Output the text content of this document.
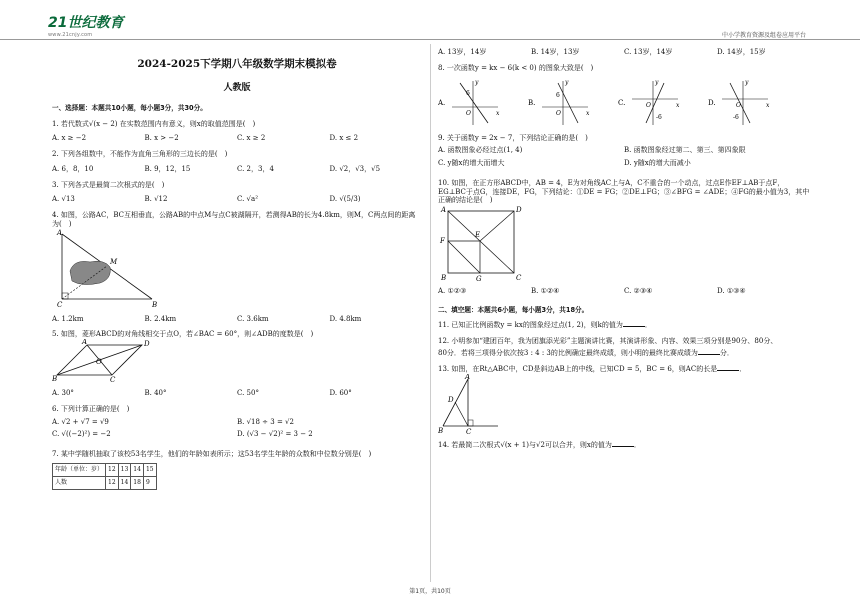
21世纪教育
www.21cnjy.com	中小学教育资源及组卷应用平台
2024-2025下学期八年级数学期末模拟卷
人教版
一、选择题：本题共10小题，每小题3分，共30分。
1. 若代数式√(x − 2) 在实数范围内有意义，则x的取值范围是(　)
A. x ≥ −2	B. x > −2	C. x ≥ 2	D. x ≤ 2
2. 下列各组数中，不能作为直角三角形的三边长的是(　)
A. 6，8，10	B. 9，12，15	C. 2，3，4	D. √2，√3，√5
3. 下列各式是最简二次根式的是(　)
A. √13	B. √12	C. √a²	D. √(5/3)
4. 如图，公路AC，BC互相垂直，公路AB的中点M与点C被湖隔开，若测得AB的长为4.8km，则M，C两点间的距离为(　)
A
M
C	B
A. 1.2km	B. 2.4km	C. 3.6km	D. 4.8km
5. 如图，菱形ABCD的对角线相交于点O，若∠BAC = 60°，则∠ADB的度数是(　)
A	D
B	C
O
A. 30°	B. 40°	C. 50°	D. 60°
6. 下列计算正确的是(　)
A. √2 + √7 = √9	B. √18 ÷ 3 = √2
C. √((−2)²) = −2	D. (√3 − √2)² = 3 − 2
7. 某中学随机抽取了该校53名学生，他们的年龄如表所示；这53名学生年龄的众数和中位数分别是(　)
年龄（单位：岁）	12	13	14	15
人数	12	14	18	9
A. 13岁，14岁	B. 14岁，13岁	C. 13岁，14岁	D. 14岁，15岁
8. 一次函数y = kx − 6(k < 0) 的图象大致是(　)
A.
y
x
O
6
B.
y
x
O
6
C.
y
x
O
-6
D.
y
x
O
-6
9. 关于函数y = 2x − 7，下列结论正确的是(　)
A. 函数图象必经过点(1, 4)	B. 函数图象经过第二、第三、第四象限
C. y随x的增大而增大	D. y随x的增大而减小
10. 如图，在正方形ABCD中，AB = 4，E为对角线AC上与A，C不重合的一个动点，过点E作EF⊥AB于点F，EG⊥BC于点G，连接DE，FG，下列结论：①DE = FG；②DE⊥FG；③∠BFG = ∠ADE；④FG的最小值为3，其中正确的结论是(　)
A	D
E
F
B	G	C
A. ①②③	B. ①②④	C. ②③④	D. ①③④
二、填空题：本题共6小题，每小题3分，共18分。
11. 已知正比例函数y = kx的图象经过点(1, 2)，则k的值为	．
12. 小明参加“建团百年，我为团旗添光彩”主题演讲比赛，其演讲形象、内容、效果三项分别是90分、80分、
80分．若将三项得分依次按3 : 4 : 3的比例确定最终成绩，则小明的最终比赛成绩为	分．
13. 如图，在Rt△ABC中，CD是斜边AB上的中线，已知CD = 5，BC = 6，则AC的长是	．
A
D
B	C
14. 若最简二次根式√(x + 1)与√2可以合并，则x的值为	．
第1页，共10页
